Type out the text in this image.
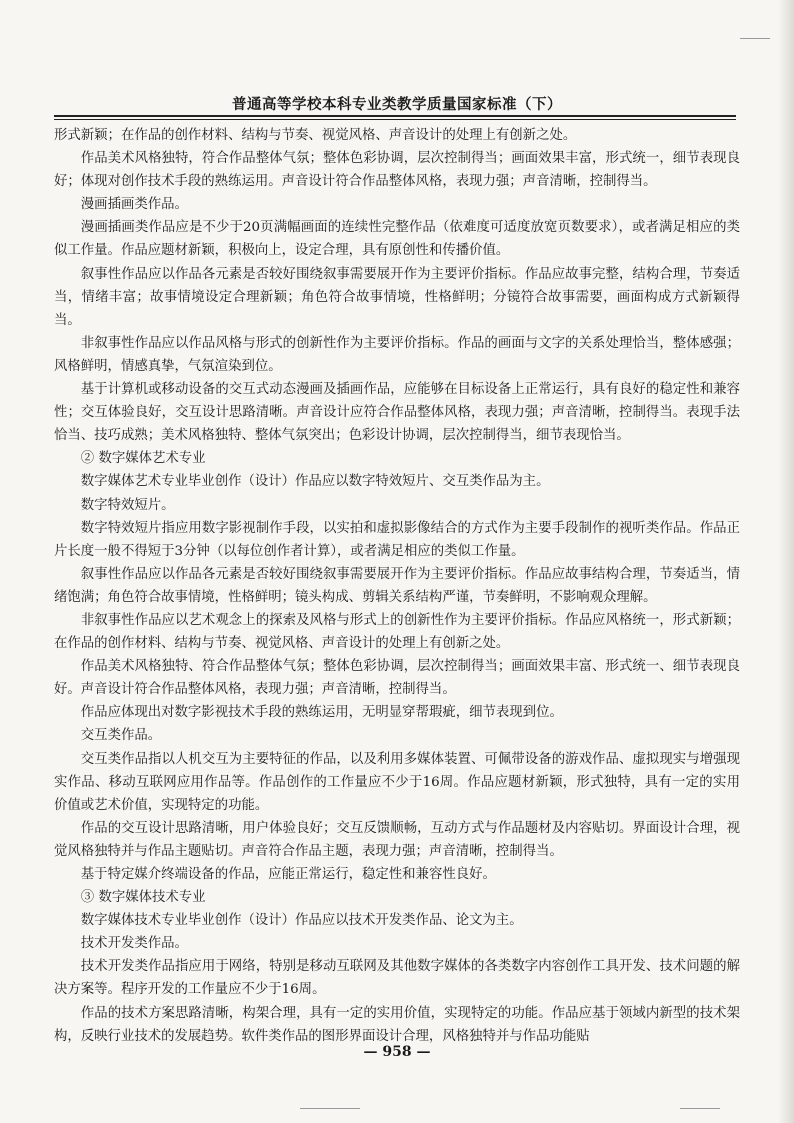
普通高等学校本科专业类教学质量国家标准（下）

形式新颖；在作品的创作材料、结构与节奏、视觉风格、声音设计的处理上有创新之处。

作品美术风格独特，符合作品整体气氛；整体色彩协调，层次控制得当；画面效果丰富，形式统一，细节表现良好；体现对创作技术手段的熟练运用。声音设计符合作品整体风格，表现力强；声音清晰，控制得当。

漫画插画类作品。

漫画插画类作品应是不少于20页满幅画面的连续性完整作品（依难度可适度放宽页数要求），或者满足相应的类似工作量。作品应题材新颖，积极向上，设定合理，具有原创性和传播价值。

叙事性作品应以作品各元素是否较好围绕叙事需要展开作为主要评价指标。作品应故事完整，结构合理，节奏适当，情绪丰富；故事情境设定合理新颖；角色符合故事情境，性格鲜明；分镜符合故事需要，画面构成方式新颖得当。

非叙事性作品应以作品风格与形式的创新性作为主要评价指标。作品的画面与文字的关系处理恰当，整体感强；风格鲜明，情感真挚，气氛渲染到位。

基于计算机或移动设备的交互式动态漫画及插画作品，应能够在目标设备上正常运行，具有良好的稳定性和兼容性；交互体验良好，交互设计思路清晰。声音设计应符合作品整体风格，表现力强；声音清晰，控制得当。表现手法恰当、技巧成熟；美术风格独特、整体气氛突出；色彩设计协调，层次控制得当，细节表现恰当。

② 数字媒体艺术专业

数字媒体艺术专业毕业创作（设计）作品应以数字特效短片、交互类作品为主。

数字特效短片。

数字特效短片指应用数字影视制作手段，以实拍和虚拟影像结合的方式作为主要手段制作的视听类作品。作品正片长度一般不得短于3分钟（以每位创作者计算），或者满足相应的类似工作量。

叙事性作品应以作品各元素是否较好围绕叙事需要展开作为主要评价指标。作品应故事结构合理，节奏适当，情绪饱满；角色符合故事情境，性格鲜明；镜头构成、剪辑关系结构严谨，节奏鲜明，不影响观众理解。

非叙事性作品应以艺术观念上的探索及风格与形式上的创新性作为主要评价指标。作品应风格统一，形式新颖；在作品的创作材料、结构与节奏、视觉风格、声音设计的处理上有创新之处。

作品美术风格独特、符合作品整体气氛；整体色彩协调，层次控制得当；画面效果丰富、形式统一、细节表现良好。声音设计符合作品整体风格，表现力强；声音清晰，控制得当。

作品应体现出对数字影视技术手段的熟练运用，无明显穿帮瑕疵，细节表现到位。

交互类作品。

交互类作品指以人机交互为主要特征的作品，以及利用多媒体装置、可佩带设备的游戏作品、虚拟现实与增强现实作品、移动互联网应用作品等。作品创作的工作量应不少于16周。作品应题材新颖，形式独特，具有一定的实用价值或艺术价值，实现特定的功能。

作品的交互设计思路清晰，用户体验良好；交互反馈顺畅，互动方式与作品题材及内容贴切。界面设计合理，视觉风格独特并与作品主题贴切。声音符合作品主题，表现力强；声音清晰，控制得当。

基于特定媒介终端设备的作品，应能正常运行，稳定性和兼容性良好。

③ 数字媒体技术专业

数字媒体技术专业毕业创作（设计）作品应以技术开发类作品、论文为主。

技术开发类作品。

技术开发类作品指应用于网络，特别是移动互联网及其他数字媒体的各类数字内容创作工具开发、技术问题的解决方案等。程序开发的工作量应不少于16周。

作品的技术方案思路清晰，构架合理，具有一定的实用价值，实现特定的功能。作品应基于领域内新型的技术架构，反映行业技术的发展趋势。软件类作品的图形界面设计合理，风格独特并与作品功能贴

— 958 —
